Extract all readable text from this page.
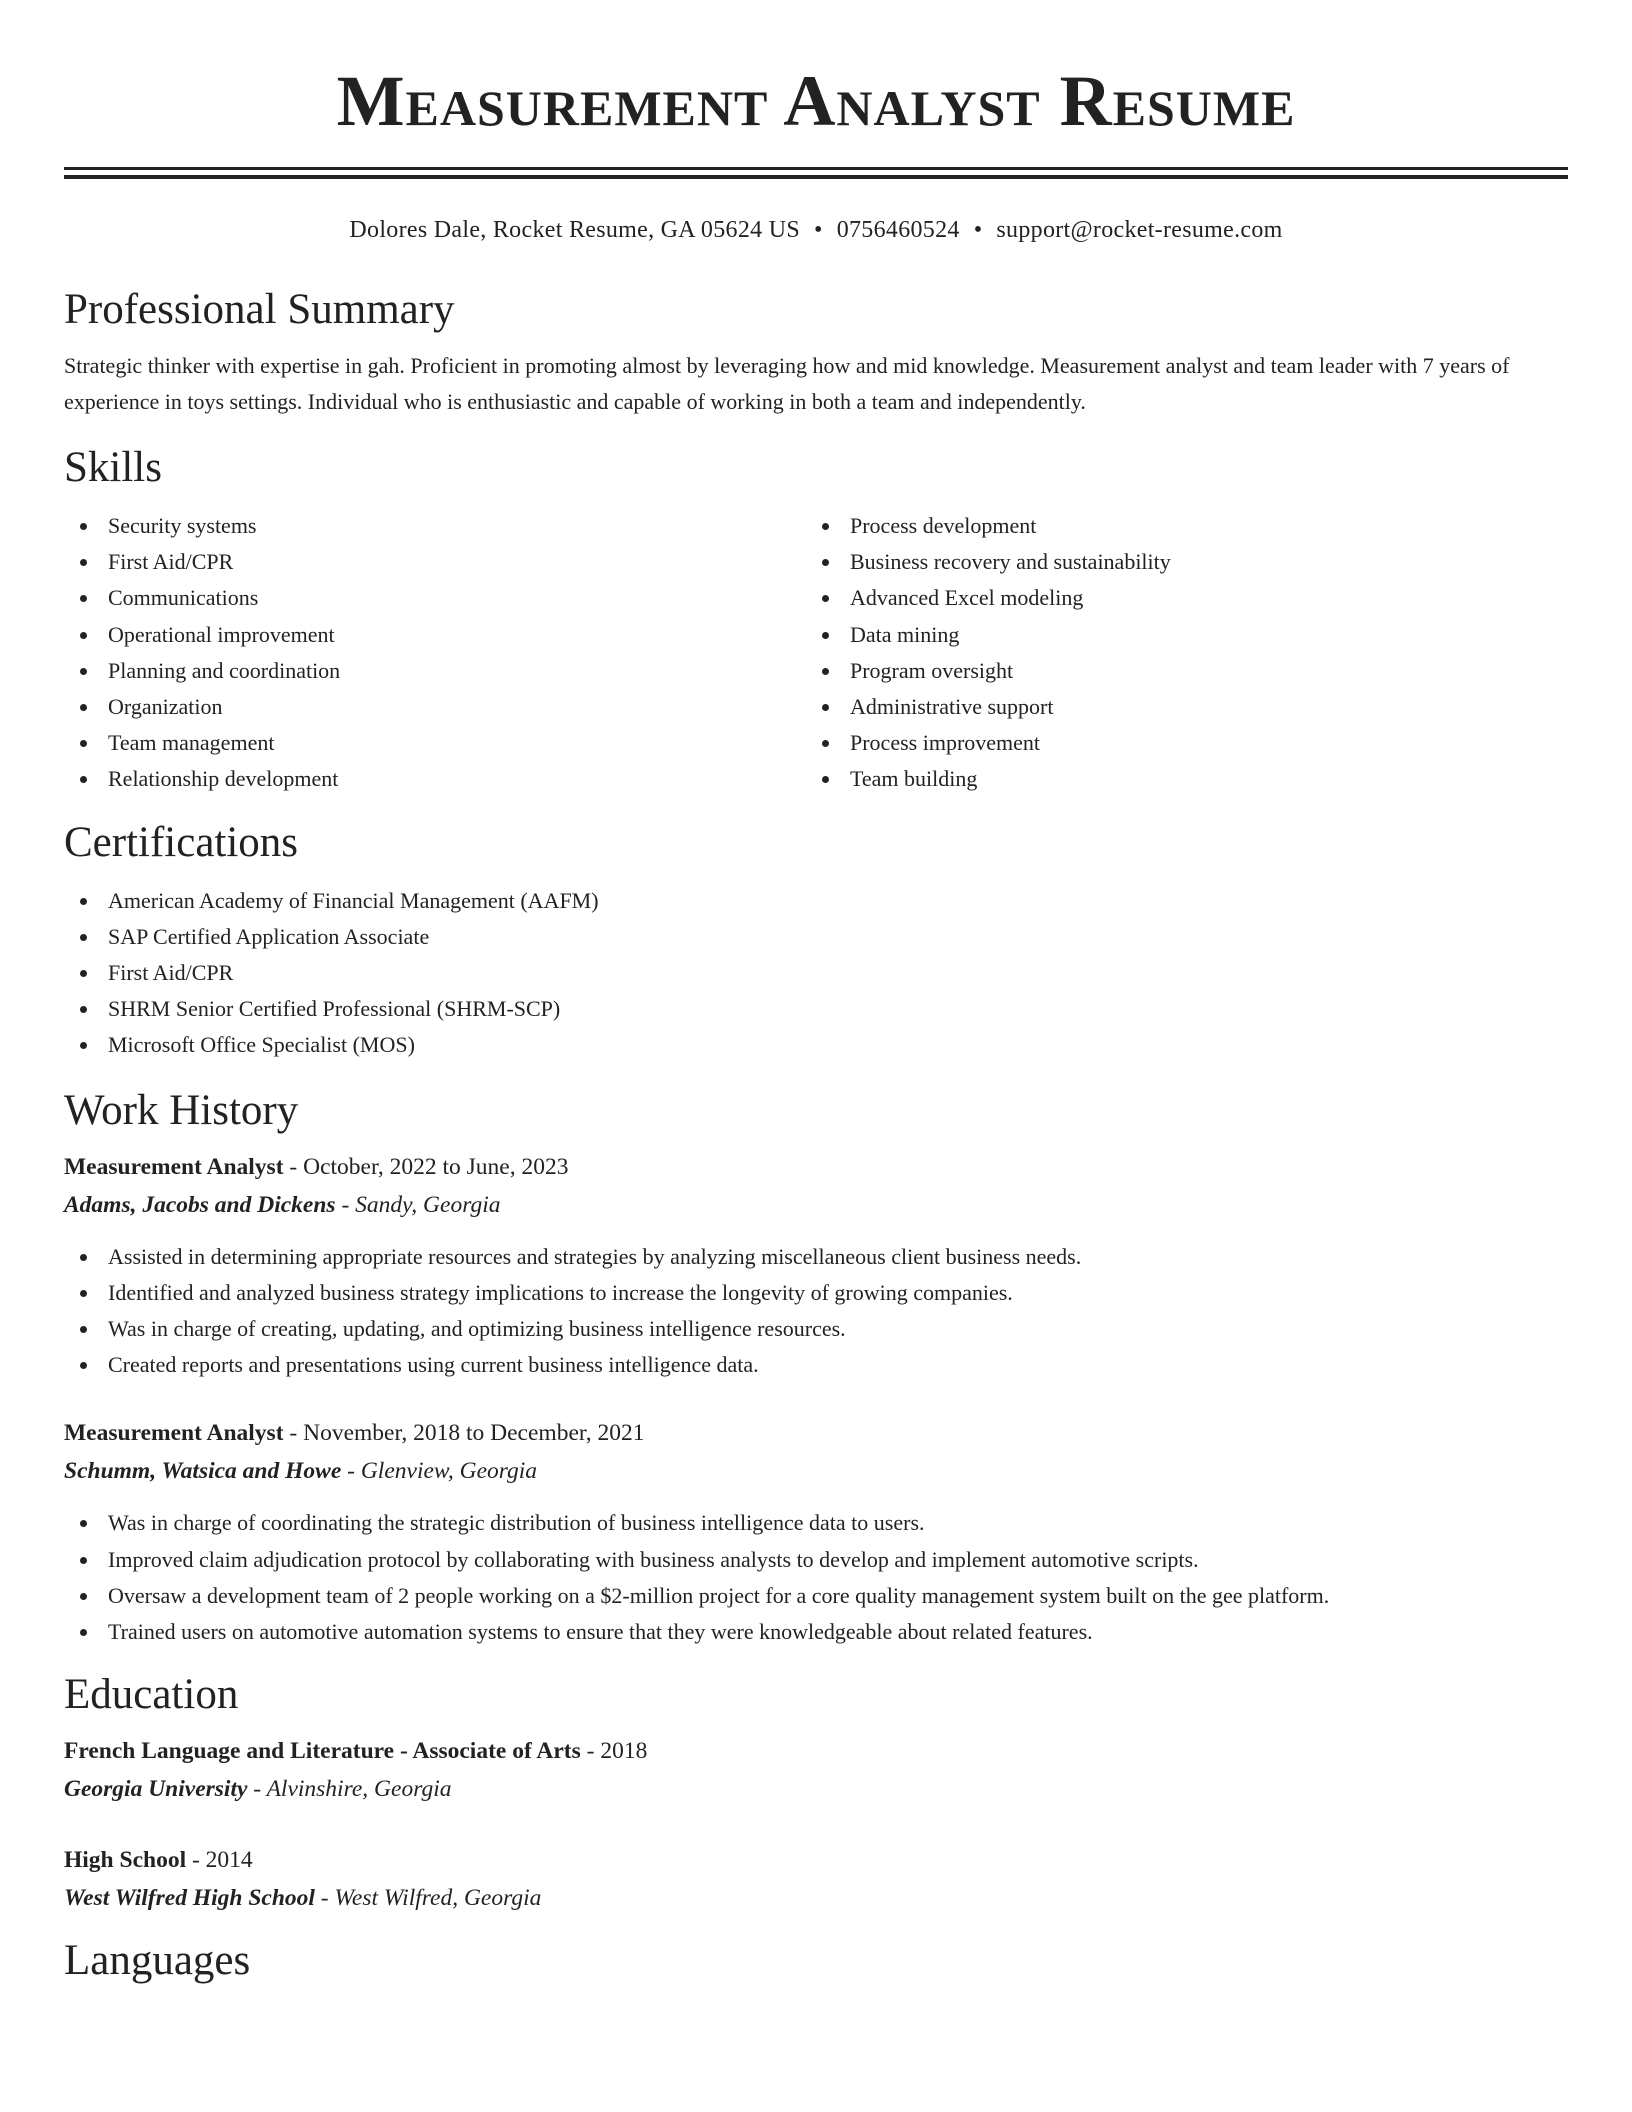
Measurement Analyst Resume
Dolores Dale, Rocket Resume, GA 05624 US • 0756460524 • support@rocket-resume.com
Professional Summary

Strategic thinker with expertise in gah. Proficient in promoting almost by leveraging how and mid knowledge. Measurement analyst and team leader with 7 years of experience in toys settings. Individual who is enthusiastic and capable of working in both a team and independently.

Skills
Security systems
First Aid/CPR
Communications
Operational improvement
Planning and coordination
Organization
Team management
Relationship development
Process development
Business recovery and sustainability
Advanced Excel modeling
Data mining
Program oversight
Administrative support
Process improvement
Team building
Certifications
American Academy of Financial Management (AAFM)
SAP Certified Application Associate
First Aid/CPR
SHRM Senior Certified Professional (SHRM-SCP)
Microsoft Office Specialist (MOS)
Work History
Measurement Analyst - October, 2022 to June, 2023
Adams, Jacobs and Dickens - Sandy, Georgia
Assisted in determining appropriate resources and strategies by analyzing miscellaneous client business needs.
Identified and analyzed business strategy implications to increase the longevity of growing companies.
Was in charge of creating, updating, and optimizing business intelligence resources.
Created reports and presentations using current business intelligence data.
Measurement Analyst - November, 2018 to December, 2021
Schumm, Watsica and Howe - Glenview, Georgia
Was in charge of coordinating the strategic distribution of business intelligence data to users.
Improved claim adjudication protocol by collaborating with business analysts to develop and implement automotive scripts.
Oversaw a development team of 2 people working on a $2-million project for a core quality management system built on the gee platform.
Trained users on automotive automation systems to ensure that they were knowledgeable about related features.
Education
French Language and Literature - Associate of Arts - 2018
Georgia University - Alvinshire, Georgia
High School - 2014
West Wilfred High School - West Wilfred, Georgia
Languages
